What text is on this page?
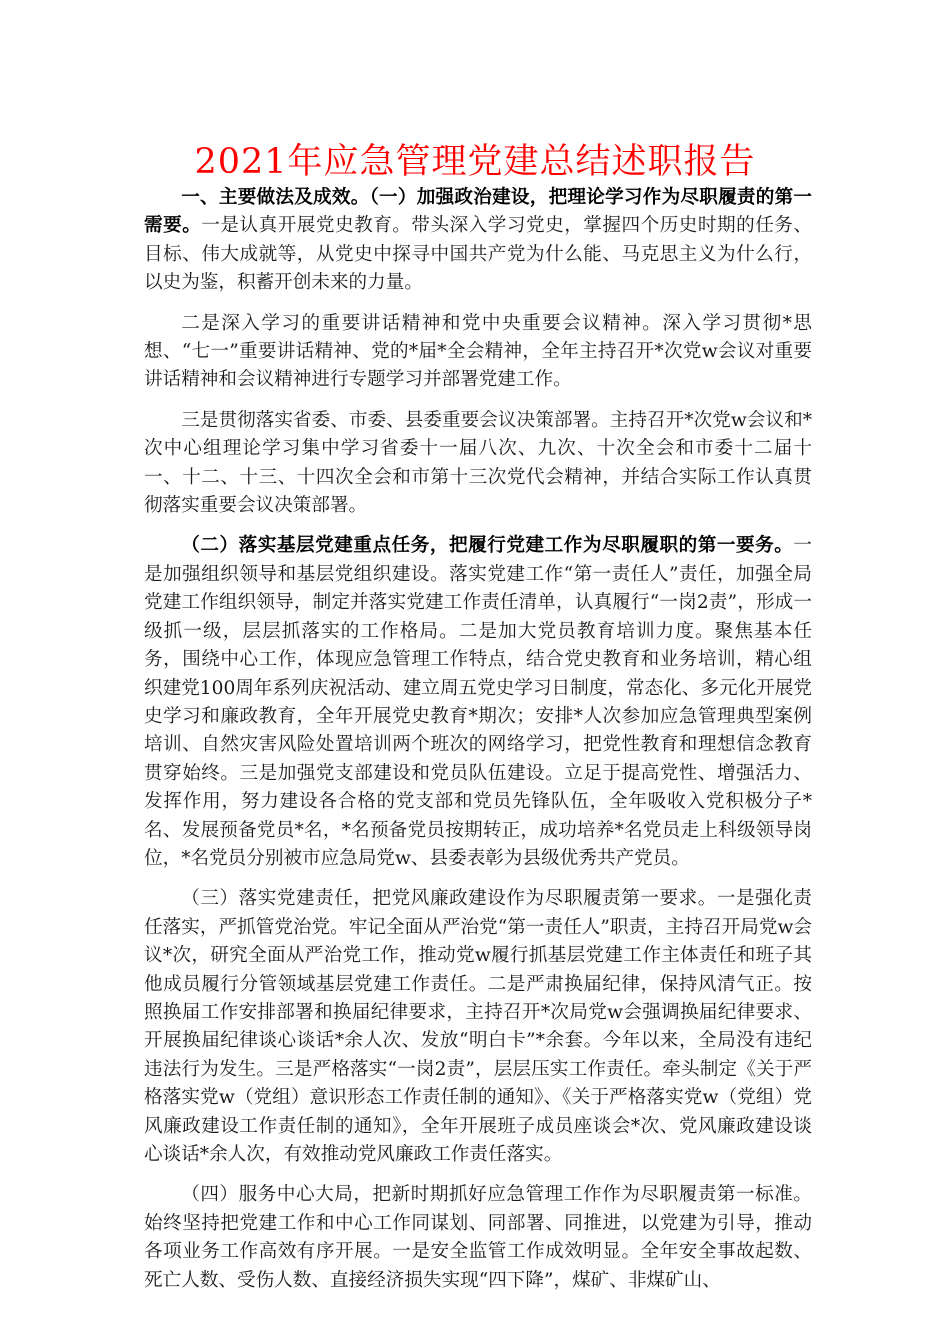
2021年应急管理党建总结述职报告

一、主要做法及成效。（一）加强政治建设，把理论学习作为尽职履责的第一需要。一是认真开展党史教育。带头深入学习党史，掌握四个历史时期的任务、目标、伟大成就等，从党史中探寻中国共产党为什么能、马克思主义为什么行，以史为鉴，积蓄开创未来的力量。

二是深入学习的重要讲话精神和党中央重要会议精神。深入学习贯彻*思想、“七一”重要讲话精神、党的*届*全会精神，全年主持召开*次党w会议对重要讲话精神和会议精神进行专题学习并部署党建工作。

三是贯彻落实省委、市委、县委重要会议决策部署。主持召开*次党w会议和*次中心组理论学习集中学习省委十一届八次、九次、十次全会和市委十二届十一、十二、十三、十四次全会和市第十三次党代会精神，并结合实际工作认真贯彻落实重要会议决策部署。

（二）落实基层党建重点任务，把履行党建工作为尽职履职的第一要务。一是加强组织领导和基层党组织建设。落实党建工作“第一责任人”责任，加强全局党建工作组织领导，制定并落实党建工作责任清单，认真履行“一岗2责”，形成一级抓一级，层层抓落实的工作格局。二是加大党员教育培训力度。聚焦基本任务，围绕中心工作，体现应急管理工作特点，结合党史教育和业务培训，精心组织建党100周年系列庆祝活动、建立周五党史学习日制度，常态化、多元化开展党史学习和廉政教育，全年开展党史教育*期次；安排*人次参加应急管理典型案例培训、自然灾害风险处置培训两个班次的网络学习，把党性教育和理想信念教育贯穿始终。三是加强党支部建设和党员队伍建设。立足于提高党性、增强活力、发挥作用，努力建设各合格的党支部和党员先锋队伍，全年吸收入党积极分子*名、发展预备党员*名，*名预备党员按期转正，成功培养*名党员走上科级领导岗位，*名党员分别被市应急局党w、县委表彰为县级优秀共产党员。

（三）落实党建责任，把党风廉政建设作为尽职履责第一要求。一是强化责任落实，严抓管党治党。牢记全面从严治党“第一责任人”职责，主持召开局党w会议*次，研究全面从严治党工作，推动党w履行抓基层党建工作主体责任和班子其他成员履行分管领域基层党建工作责任。二是严肃换届纪律，保持风清气正。按照换届工作安排部署和换届纪律要求，主持召开*次局党w会强调换届纪律要求、开展换届纪律谈心谈话*余人次、发放“明白卡”*余套。今年以来，全局没有违纪违法行为发生。三是严格落实“一岗2责”，层层压实工作责任。牵头制定《关于严格落实党w（党组）意识形态工作责任制的通知》、《关于严格落实党w（党组）党风廉政建设工作责任制的通知》，全年开展班子成员座谈会*次、党风廉政建设谈心谈话*余人次，有效推动党风廉政工作责任落实。

（四）服务中心大局，把新时期抓好应急管理工作作为尽职履责第一标准。始终坚持把党建工作和中心工作同谋划、同部署、同推进，以党建为引导，推动各项业务工作高效有序开展。一是安全监管工作成效明显。全年安全事故起数、死亡人数、受伤人数、直接经济损失实现“四下降”，煤矿、非煤矿山、
